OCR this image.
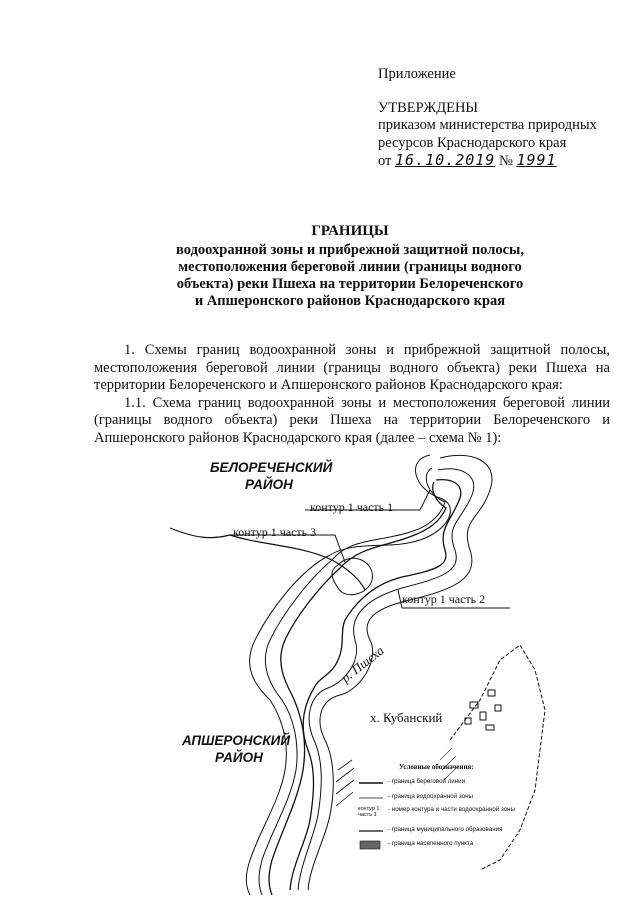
Приложение
УТВЕРЖДЕНЫ
приказом министерства природных
ресурсов Краснодарского края
от 16.10.2019 № 1991
ГРАНИЦЫ
водоохранной зоны и прибрежной защитной полосы,
местоположения береговой линии (границы водного
объекта) реки Пшеха на территории Белореченского
и Апшеронского районов Краснодарского края

1. Схемы границ водоохранной зоны и прибрежной защитной полосы, местоположения береговой линии (границы водного объекта) реки Пшеха на территории Белореченского и Апшеронского районов Краснодарского края:

1.1. Схема границ водоохранной зоны и местоположения береговой линии (границы водного объекта) реки Пшеха на территории Белореченского и Апшеронского районов Краснодарского края (далее – схема № 1):

БЕЛОРЕЧЕНСКИЙ
РАЙОН
контур 1 часть 1
контур 1 часть 3
контур 1 часть 2
р. Пшеха
х. Кубанский
АПШЕРОНСКИЙ
РАЙОН
Условные обозначения:
- граница береговой линии
- граница водоохранной зоны
контур 1 часть 1
- номер контура и части водоохранной зоны
- граница муниципального образования
- граница населенного пункта
